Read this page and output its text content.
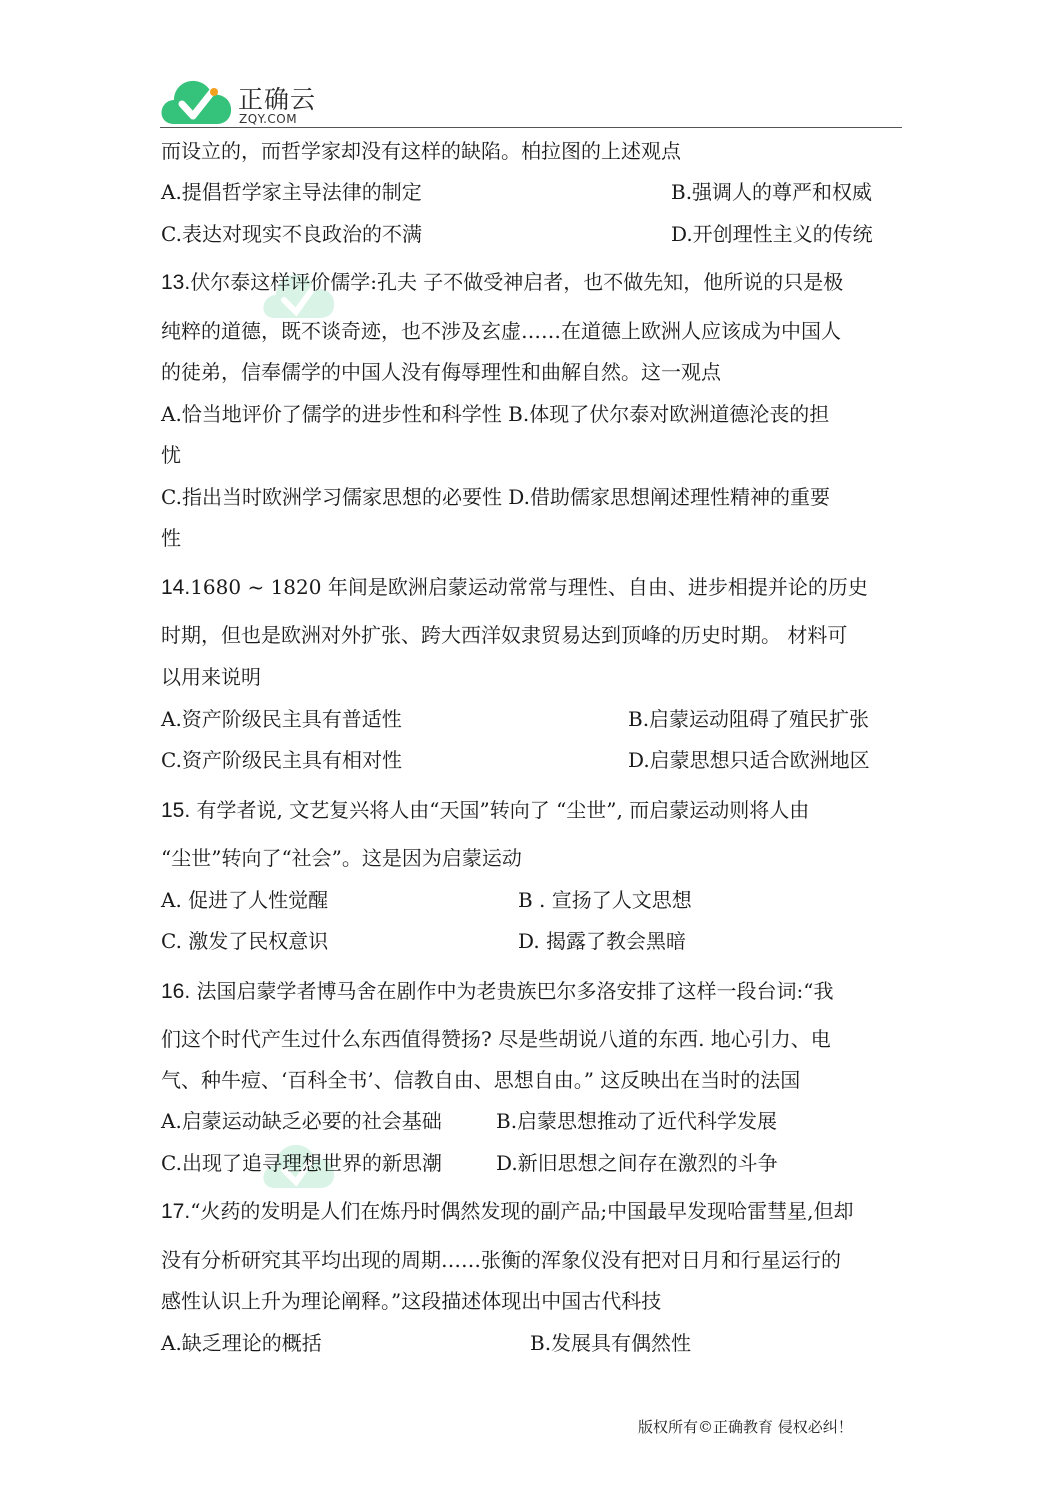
正确云
ZQY.COM
而设立的，而哲学家却没有这样的缺陷。柏拉图的上述观点
A.提倡哲学家主导法律的制定	B.强调人的尊严和权威
C.表达对现实不良政治的不满	D.开创理性主义的传统
13.伏尔泰这样评价儒学:孔夫 子不做受神启者，也不做先知，他所说的只是极
纯粹的道德，既不谈奇迹，也不涉及玄虚……在道德上欧洲人应该成为中国人
的徒弟，信奉儒学的中国人没有侮辱理性和曲解自然。这一观点
A.恰当地评价了儒学的进步性和科学性 B.体现了伏尔泰对欧洲道德沦丧的担
忧
C.指出当时欧洲学习儒家思想的必要性 D.借助儒家思想阐述理性精神的重要
性
14.1680 ~ 1820 年间是欧洲启蒙运动常常与理性、自由、进步相提并论的历史
时期，但也是欧洲对外扩张、跨大西洋奴隶贸易达到顶峰的历史时期。 材料可
以用来说明
A.资产阶级民主具有普适性	B.启蒙运动阻碍了殖民扩张
C.资产阶级民主具有相对性	D.启蒙思想只适合欧洲地区
15. 有学者说, 文艺复兴将人由“天国”转向了 “尘世”, 而启蒙运动则将人由
“尘世”转向了“社会”。这是因为启蒙运动
A. 促进了人性觉醒	B . 宣扬了人文思想
C. 激发了民权意识	D. 揭露了教会黑暗
16. 法国启蒙学者博马舍在剧作中为老贵族巴尔多洛安排了这样一段台词:“我
们这个时代产生过什么东西值得赞扬? 尽是些胡说八道的东西. 地心引力、电
气、种牛痘、‘百科全书’、信教自由、思想自由。” 这反映出在当时的法国
A.启蒙运动缺乏必要的社会基础	B.启蒙思想推动了近代科学发展
C.出现了追寻理想世界的新思潮	D.新旧思想之间存在激烈的斗争
17.“火药的发明是人们在炼丹时偶然发现的副产品;中国最早发现哈雷彗星,但却
没有分析研究其平均出现的周期……张衡的浑象仪没有把对日月和行星运行的
感性认识上升为理论阐释。”这段描述体现出中国古代科技
A.缺乏理论的概括	B.发展具有偶然性
版权所有©正确教育 侵权必纠！
